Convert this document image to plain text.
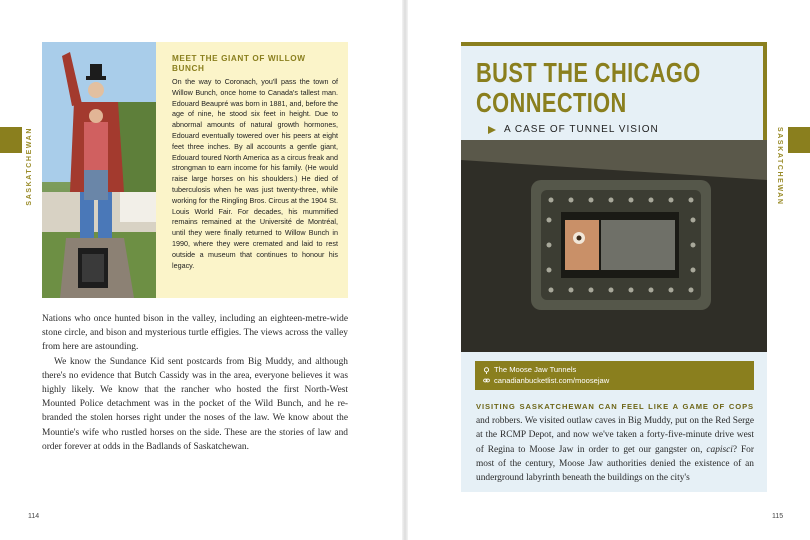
SASKATCHEWAN	SASKATCHEWAN
MEET THE GIANT OF WILLOW BUNCH
On the way to Coronach, you'll pass the town of Willow Bunch, once home to Canada's tallest man. Edouard Beaupré was born in 1881, and, before the age of nine, he stood six feet in height. Due to abnormal amounts of natural growth hormones, Edouard eventually towered over his peers at eight feet three inches. By all accounts a gentle giant, Edouard toured North America as a circus freak and strongman to earn income for his family. (He would raise large horses on his shoulders.) He died of tuberculosis when he was just twenty-three, while working for the Ringling Bros. Circus at the 1904 St. Louis World Fair. For decades, his mummified remains remained at the Université de Montréal, until they were finally returned to Willow Bunch in 1990, where they were cremated and laid to rest outside a museum that continues to honour his legacy.

Nations who once hunted bison in the valley, including an eighteen-metre-wide stone circle, and bison and mysterious turtle effigies. The views across the valley from here are astounding.

We know the Sundance Kid sent postcards from Big Muddy, and although there's no evidence that Butch Cassidy was in the area, everyone believes it was highly likely. We know that the rancher who hosted the first North-West Mounted Police detachment was in the pocket of the Wild Bunch, and he re-branded the stolen horses right under the noses of the law. We know about the Mountie's wife who rustled horses on the side. These are the stories of law and order forever at odds in the Badlands of Saskatchewan.

114
BUST THE CHICAGO
CONNECTION
A CASE OF TUNNEL VISION
The Moose Jaw Tunnels
canadianbucketlist.com/moosejaw
VISITING SASKATCHEWAN CAN FEEL LIKE A GAME OF COPS and robbers. We visited outlaw caves in Big Muddy, put on the Red Serge at the RCMP Depot, and now we've taken a forty-five-minute drive west of Regina to Moose Jaw in order to get our gangster on, capisci? For most of the century, Moose Jaw authorities denied the existence of an underground labyrinth beneath the buildings on the city's
115
